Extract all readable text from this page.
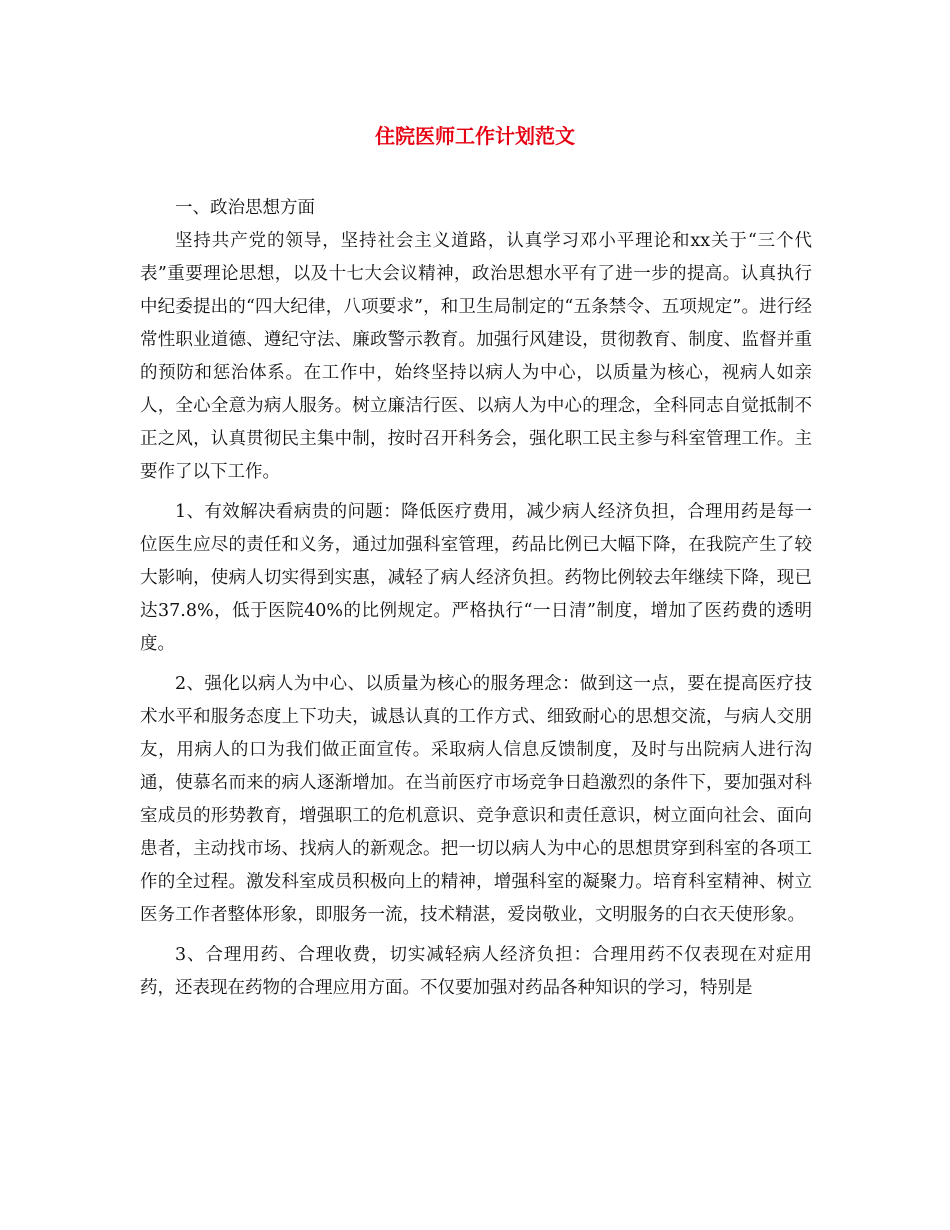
住院医师工作计划范文

一、政治思想方面

坚持共产党的领导，坚持社会主义道路，认真学习邓小平理论和xx关于“三个代表”重要理论思想，以及十七大会议精神，政治思想水平有了进一步的提高。认真执行中纪委提出的“四大纪律，八项要求”，和卫生局制定的“五条禁令、五项规定”。进行经常性职业道德、遵纪守法、廉政警示教育。加强行风建设，贯彻教育、制度、监督并重的预防和惩治体系。在工作中，始终坚持以病人为中心，以质量为核心，视病人如亲人，全心全意为病人服务。树立廉洁行医、以病人为中心的理念，全科同志自觉抵制不正之风，认真贯彻民主集中制，按时召开科务会，强化职工民主参与科室管理工作。主要作了以下工作。

1、有效解决看病贵的问题：降低医疗费用，减少病人经济负担，合理用药是每一位医生应尽的责任和义务，通过加强科室管理，药品比例已大幅下降，在我院产生了较大影响，使病人切实得到实惠，减轻了病人经济负担。药物比例较去年继续下降，现已达37.8%，低于医院40%的比例规定。严格执行“一日清”制度，增加了医药费的透明度。

2、强化以病人为中心、以质量为核心的服务理念：做到这一点，要在提高医疗技术水平和服务态度上下功夫，诚恳认真的工作方式、细致耐心的思想交流，与病人交朋友，用病人的口为我们做正面宣传。采取病人信息反馈制度，及时与出院病人进行沟通，使慕名而来的病人逐渐增加。在当前医疗市场竞争日趋激烈的条件下，要加强对科室成员的形势教育，增强职工的危机意识、竞争意识和责任意识，树立面向社会、面向患者，主动找市场、找病人的新观念。把一切以病人为中心的思想贯穿到科室的各项工作的全过程。激发科室成员积极向上的精神，增强科室的凝聚力。培育科室精神、树立医务工作者整体形象，即服务一流，技术精湛，爱岗敬业，文明服务的白衣天使形象。

3、合理用药、合理收费，切实减轻病人经济负担：合理用药不仅表现在对症用药，还表现在药物的合理应用方面。不仅要加强对药品各种知识的学习，特别是
